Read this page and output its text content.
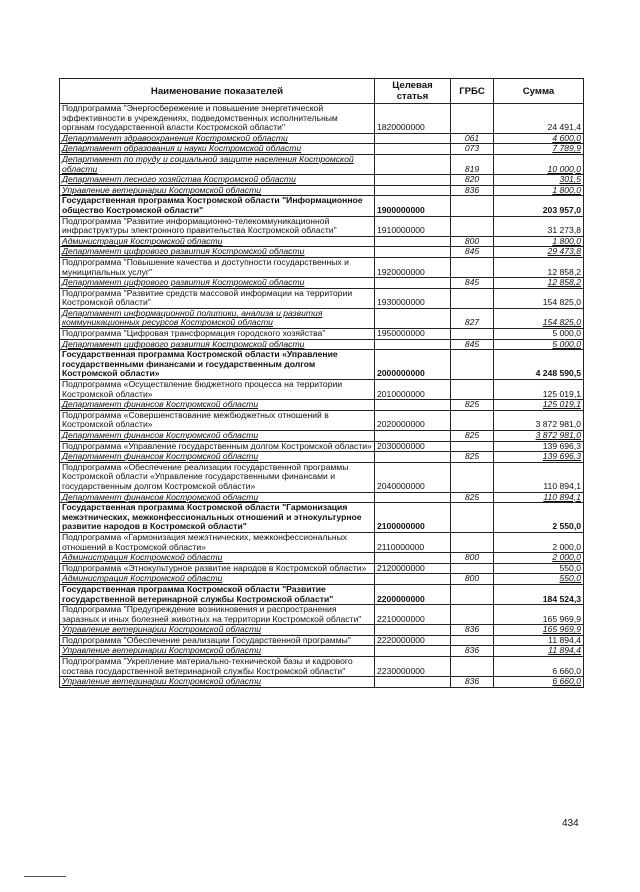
Наименование показателей	Целевая статья	ГРБС	Сумма
Подпрограмма "Энергосбережение и повышение энергетической эффективности в учреждениях, подведомственных исполнительным органам государственной власти Костромской области"	1820000000		24 491,4
Департамент здравоохранения Костромской области		061	4 600,0
Департамент образования и науки Костромской области		073	7 789,9
Департамент по труду и социальной защите населения Костромской области		819	10 000,0
Департамент лесного хозяйства Костромской области		820	301,5
Управление ветеринарии Костромской области		836	1 800,0
Государственная программа Костромской области "Информационное общество Костромской области"	1900000000		203 957,0
Подпрограмма "Развитие информационно-телекоммуникационной инфраструктуры электронного правительства Костромской области"	1910000000		31 273,8
Администрация Костромской области		800	1 800,0
Департамент цифрового развития Костромской области		845	29 473,8
Подпрограмма "Повышение качества и доступности государственных и муниципальных услуг"	1920000000		12 858,2
Департамент цифрового развития Костромской области		845	12 858,2
Подпрограмма "Развитие средств массовой информации на территории Костромской области"	1930000000		154 825,0
Департамент информационной политики, анализа и развития коммуникационных ресурсов Костромской области		827	154 825,0
Подпрограмма "Цифровая трансформация городского хозяйства"	1950000000		5 000,0
Департамент цифрового развития Костромской области		845	5 000,0
Государственная программа Костромской области «Управление государственными финансами и государственным долгом Костромской области»	2000000000		4 248 590,5
Подпрограмма «Осуществление бюджетного процесса на территории Костромской области»	2010000000		125 019,1
Департамент финансов Костромской области		825	125 019,1
Подпрограмма «Совершенствование межбюджетных отношений в Костромской области»	2020000000		3 872 981,0
Департамент финансов Костромской области		825	3 872 981,0
Подпрограмма «Управление государственным долгом Костромской области»	2030000000		139 696,3
Департамент финансов Костромской области		825	139 696,3
Подпрограмма «Обеспечение реализации государственной программы Костромской области «Управление государственными финансами и государственным долгом Костромской области»	2040000000		110 894,1
Департамент финансов Костромской области		825	110 894,1
Государственная программа Костромской области "Гармонизация межэтнических, межконфессиональных отношений и этнокультурное развитие народов в Костромской области"	2100000000		2 550,0
Подпрограмма «Гармонизация межэтнических, межконфессиональных отношений в Костромской области»	2110000000		2 000,0
Администрация Костромской области		800	2 000,0
Подпрограмма «Этнокультурное развитие народов в Костромской области»	2120000000		550,0
Администрация Костромской области		800	550,0
Государственная программа Костромской области "Развитие государственной ветеринарной службы Костромской области"	2200000000		184 524,3
Подпрограмма "Предупреждение возникновения и распространения заразных и иных болезней животных на территории Костромской области"	2210000000		165 969,9
Управление ветеринарии Костромской области		836	165 969,9
Подпрограмма "Обеспечение реализации Государственной программы"	2220000000		11 894,4
Управление ветеринарии Костромской области		836	11 894,4
Подпрограмма "Укрепление материально-технической базы и кадрового состава государственной ветеринарной службы Костромской области"	2230000000		6 660,0
Управление ветеринарии Костромской области		836	6 660,0
434
